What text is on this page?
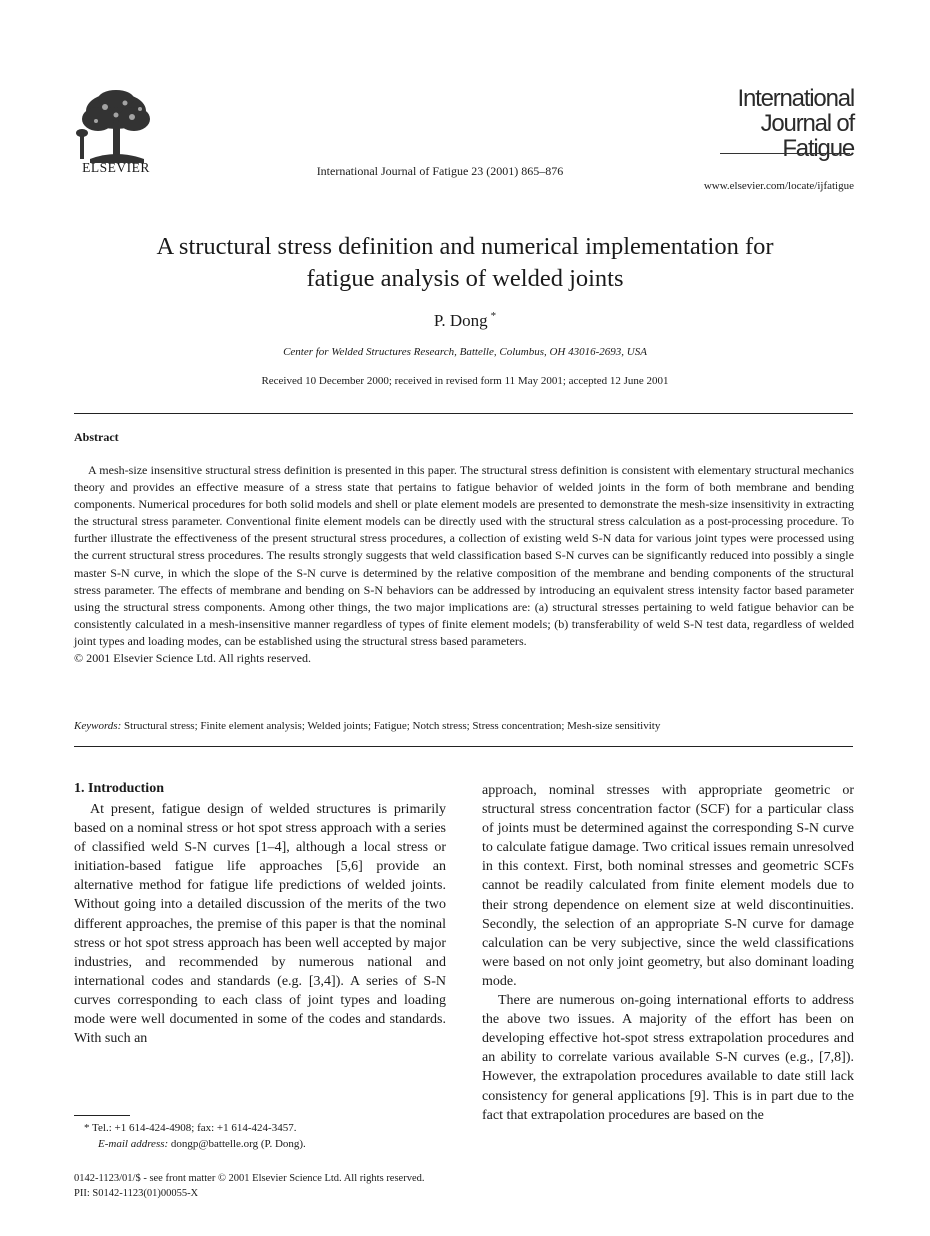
ELSEVIER	International Journal of Fatigue 23 (2001) 865–876
International
Journal of
Fatigue
www.elsevier.com/locate/ijfatigue
A structural stress definition and numerical implementation for
fatigue analysis of welded joints
P. Dong *
Center for Welded Structures Research, Battelle, Columbus, OH 43016-2693, USA
Received 10 December 2000; received in revised form 11 May 2001; accepted 12 June 2001
Abstract

A mesh-size insensitive structural stress definition is presented in this paper. The structural stress definition is consistent with elementary structural mechanics theory and provides an effective measure of a stress state that pertains to fatigue behavior of welded joints in the form of both membrane and bending components. Numerical procedures for both solid models and shell or plate element models are presented to demonstrate the mesh-size insensitivity in extracting the structural stress parameter. Conventional finite element models can be directly used with the structural stress calculation as a post-processing procedure. To further illustrate the effectiveness of the present structural stress procedures, a collection of existing weld S-N data for various joint types were processed using the current structural stress procedures. The results strongly suggests that weld classification based S-N curves can be significantly reduced into possibly a single master S-N curve, in which the slope of the S-N curve is determined by the relative composition of the membrane and bending components of the structural stress parameter. The effects of membrane and bending on S-N behaviors can be addressed by introducing an equivalent stress intensity factor based parameter using the structural stress components. Among other things, the two major implications are: (a) structural stresses pertaining to weld fatigue behavior can be consistently calculated in a mesh-insensitive manner regardless of types of finite element models; (b) transferability of weld S-N test data, regardless of welded joint types and loading modes, can be established using the structural stress based parameters.

© 2001 Elsevier Science Ltd. All rights reserved.

Keywords: Structural stress; Finite element analysis; Welded joints; Fatigue; Notch stress; Stress concentration; Mesh-size sensitivity
1. Introduction

At present, fatigue design of welded structures is primarily based on a nominal stress or hot spot stress approach with a series of classified weld S-N curves [1–4], although a local stress or initiation-based fatigue life approaches [5,6] provide an alternative method for fatigue life predictions of welded joints. Without going into a detailed discussion of the merits of the two different approaches, the premise of this paper is that the nominal stress or hot spot stress approach has been well accepted by major industries, and recommended by numerous national and international codes and standards (e.g. [3,4]). A series of S-N curves corresponding to each class of joint types and loading mode were well documented in some of the codes and standards. With such an

approach, nominal stresses with appropriate geometric or structural stress concentration factor (SCF) for a particular class of joints must be determined against the corresponding S-N curve to calculate fatigue damage. Two critical issues remain unresolved in this context. First, both nominal stresses and geometric SCFs cannot be readily calculated from finite element models due to their strong dependence on element size at weld discontinuities. Secondly, the selection of an appropriate S-N curve for damage calculation can be very subjective, since the weld classifications were based on not only joint geometry, but also dominant loading mode.

There are numerous on-going international efforts to address the above two issues. A majority of the effort has been on developing effective hot-spot stress extrapolation procedures and an ability to correlate various available S-N curves (e.g., [7,8]). However, the extrapolation procedures available to date still lack consistency for general applications [9]. This is in part due to the fact that extrapolation procedures are based on the

* Tel.: +1 614-424-4908; fax: +1 614-424-3457.
E-mail address: dongp@battelle.org (P. Dong).
0142-1123/01/$ - see front matter © 2001 Elsevier Science Ltd. All rights reserved.
PII: S0142-1123(01)00055-X
